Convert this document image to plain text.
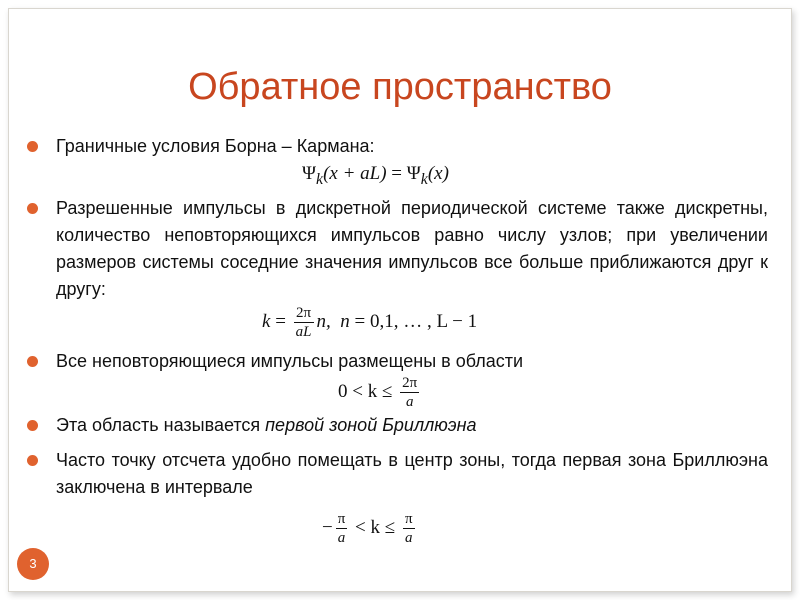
Обратное пространство
Граничные условия Борна – Кармана:
$\Psi_k(x + aL) = \Psi_k(x)$
Разрешенные импульсы в дискретной периодической системе также дискретны, количество неповторяющихся импульсов равно числу узлов; при увеличении размеров системы соседние значения импульсов все больше приближаются друг к другу:
$k = \frac{2\pi}{aL} n$, n = 0,1, … , L − 1
Все неповторяющиеся импульсы размещены в области
$0 < k \le \frac{2\pi}{a}$
Эта область называется первой зоной Бриллюэна
Часто точку отсчета удобно помещать в центр зоны, тогда первая зона Бриллюэна заключена в интервале
− $\frac{\pi}{a} < k \le \frac{\pi}{a}$
3
